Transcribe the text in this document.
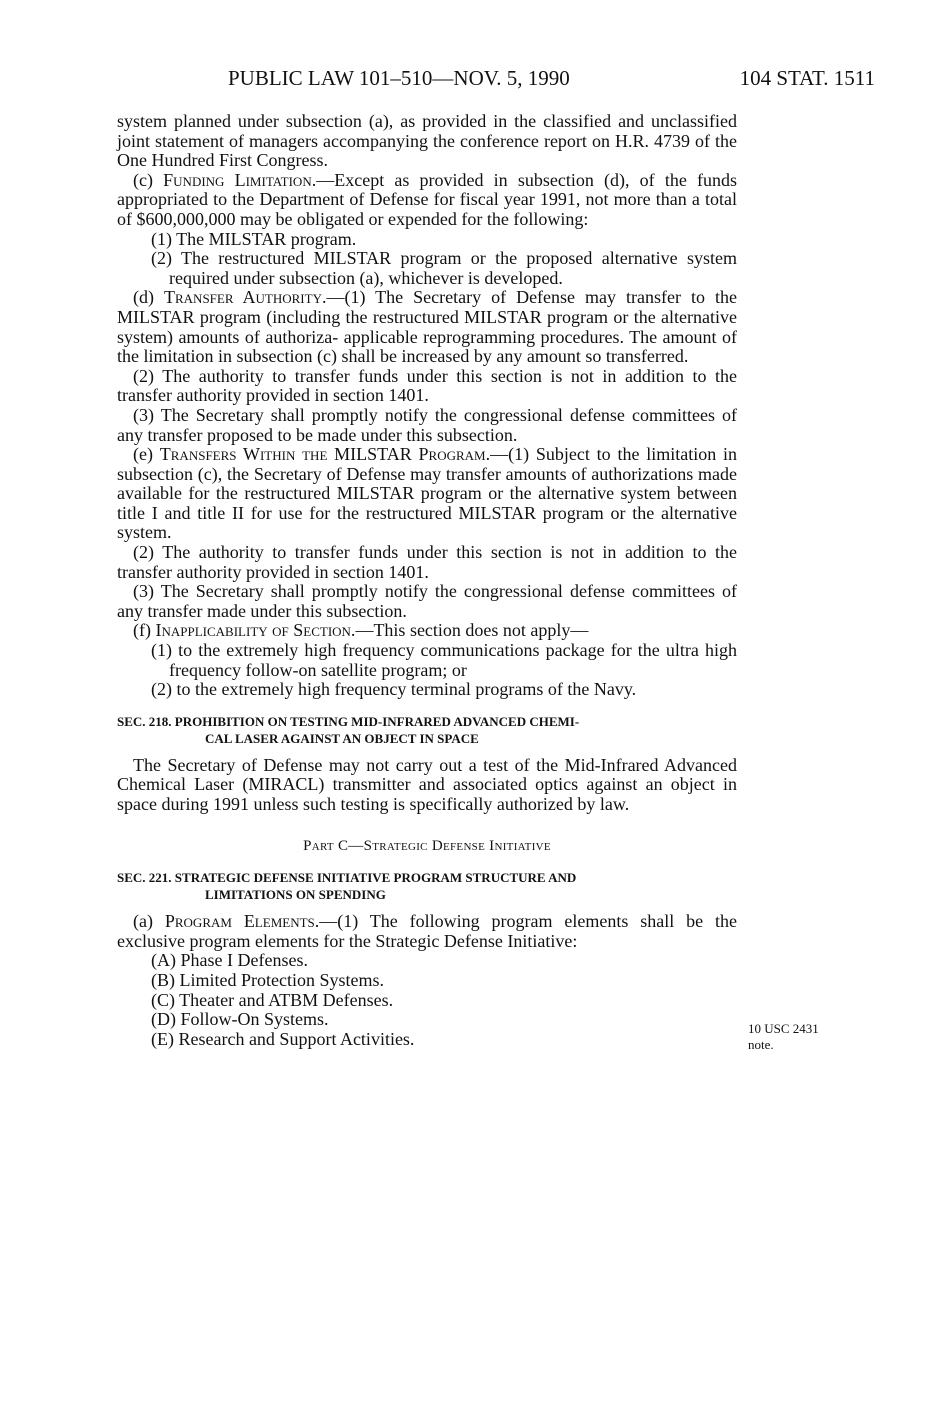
PUBLIC LAW 101–510—NOV. 5, 1990	104 STAT. 1511

system planned under subsection (a), as provided in the classified and unclassified joint statement of managers accompanying the conference report on H.R. 4739 of the One Hundred First Congress.

(c) Funding Limitation.—Except as provided in subsection (d), of the funds appropriated to the Department of Defense for fiscal year 1991, not more than a total of $600,000,000 may be obligated or expended for the following:

(1) The MILSTAR program.

(2) The restructured MILSTAR program or the proposed alternative system required under subsection (a), whichever is developed.

(d) Transfer Authority.—(1) The Secretary of Defense may transfer to the MILSTAR program (including the restructured MILSTAR program or the alternative system) amounts of authoriza- applicable reprogramming procedures. The amount of the limitation in subsection (c) shall be increased by any amount so transferred.

(2) The authority to transfer funds under this section is not in addition to the transfer authority provided in section 1401.

(3) The Secretary shall promptly notify the congressional defense committees of any transfer proposed to be made under this subsection.

(e) Transfers Within the MILSTAR Program.—(1) Subject to the limitation in subsection (c), the Secretary of Defense may transfer amounts of authorizations made available for the restructured MILSTAR program or the alternative system between title I and title II for use for the restructured MILSTAR program or the alternative system.

(2) The authority to transfer funds under this section is not in addition to the transfer authority provided in section 1401.

(3) The Secretary shall promptly notify the congressional defense committees of any transfer made under this subsection.

(f) Inapplicability of Section.—This section does not apply—

(1) to the extremely high frequency communications package for the ultra high frequency follow-on satellite program; or

(2) to the extremely high frequency terminal programs of the Navy.

SEC. 218. PROHIBITION ON TESTING MID-INFRARED ADVANCED CHEMI-
CAL LASER AGAINST AN OBJECT IN SPACE

The Secretary of Defense may not carry out a test of the Mid-Infrared Advanced Chemical Laser (MIRACL) transmitter and associated optics against an object in space during 1991 unless such testing is specifically authorized by law.

Part C—Strategic Defense Initiative

SEC. 221. STRATEGIC DEFENSE INITIATIVE PROGRAM STRUCTURE AND
LIMITATIONS ON SPENDING

(a) Program Elements.—(1) The following program elements shall be the exclusive program elements for the Strategic Defense Initiative:

(A) Phase I Defenses.

(B) Limited Protection Systems.

(C) Theater and ATBM Defenses.

(D) Follow-On Systems.

(E) Research and Support Activities.

10 USC 2431
note.
